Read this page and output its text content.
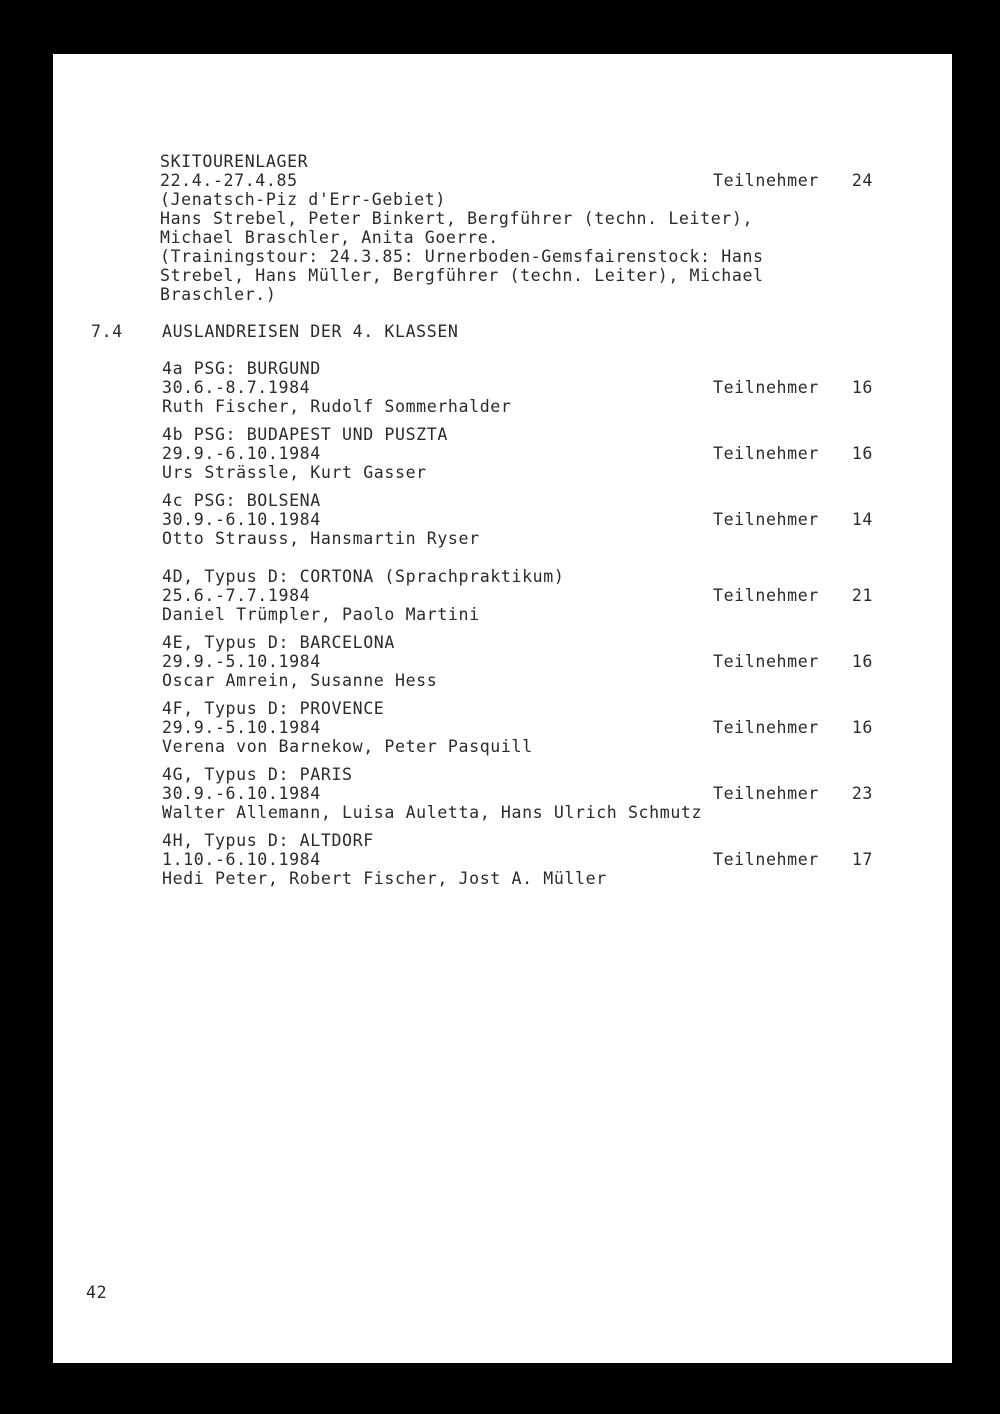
SKITOURENLAGER
22.4.-27.4.85	Teilnehmer 24
(Jenatsch-Piz d'Err-Gebiet)
Hans Strebel, Peter Binkert, Bergführer (techn. Leiter),
Michael Braschler, Anita Goerre.
(Trainingstour: 24.3.85: Urnerboden-Gemsfairenstock: Hans
Strebel, Hans Müller, Bergführer (techn. Leiter), Michael
Braschler.)
7.4 AUSLANDREISEN DER 4. KLASSEN
4a PSG: BURGUND
30.6.-8.7.1984	Teilnehmer 16
Ruth Fischer, Rudolf Sommerhalder
4b PSG: BUDAPEST UND PUSZTA
29.9.-6.10.1984	Teilnehmer 16
Urs Strässle, Kurt Gasser
4c PSG: BOLSENA
30.9.-6.10.1984	Teilnehmer 14
Otto Strauss, Hansmartin Ryser
4D, Typus D: CORTONA (Sprachpraktikum)
25.6.-7.7.1984	Teilnehmer 21
Daniel Trümpler, Paolo Martini
4E, Typus D: BARCELONA
29.9.-5.10.1984	Teilnehmer 16
Oscar Amrein, Susanne Hess
4F, Typus D: PROVENCE
29.9.-5.10.1984	Teilnehmer 16
Verena von Barnekow, Peter Pasquill
4G, Typus D: PARIS
30.9.-6.10.1984	Teilnehmer 23
Walter Allemann, Luisa Auletta, Hans Ulrich Schmutz
4H, Typus D: ALTDORF
1.10.-6.10.1984	Teilnehmer 17
Hedi Peter, Robert Fischer, Jost A. Müller
42
